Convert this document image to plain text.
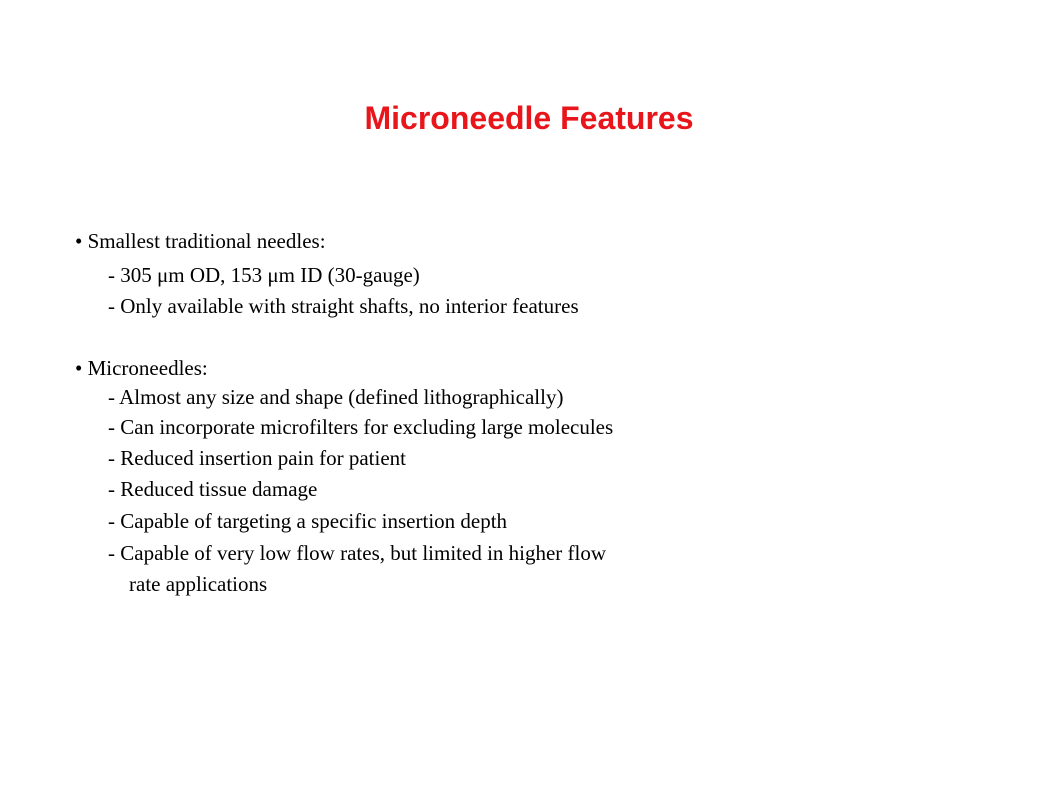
Microneedle Features
• Smallest traditional needles:
- 305 μm OD, 153 μm ID (30-gauge)
- Only available with straight shafts, no interior features
• Microneedles:
- Almost any size and shape (defined lithographically)
- Can incorporate microfilters for excluding large molecules
- Reduced insertion pain for patient
- Reduced tissue damage
- Capable of targeting a specific insertion depth
- Capable of very low flow rates, but limited in higher flow
rate applications
